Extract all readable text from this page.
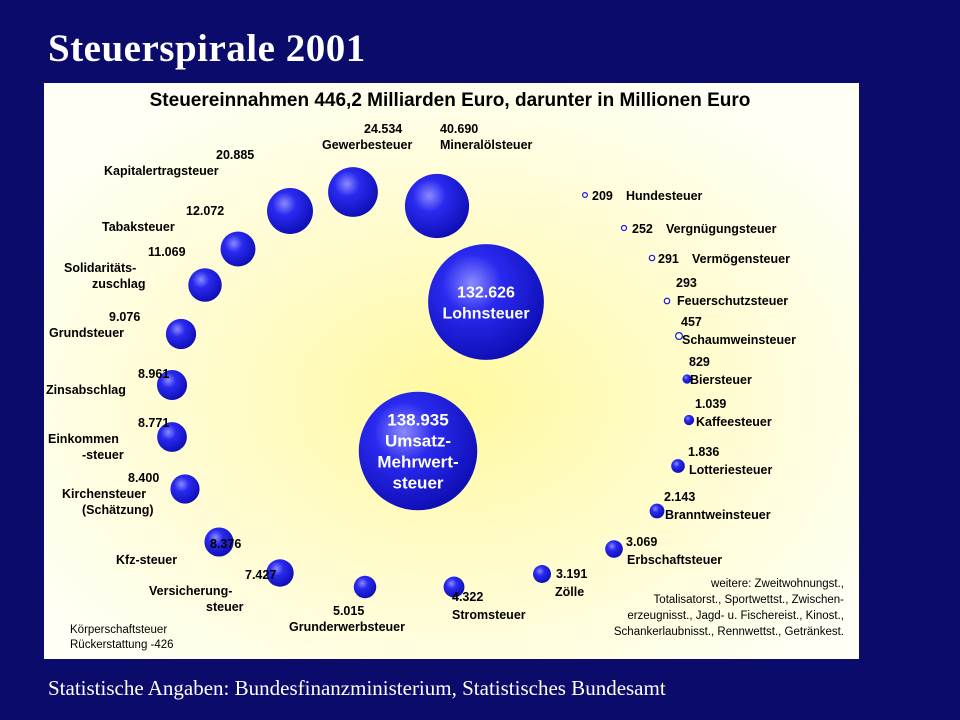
Steuerspirale 2001
Steuereinnahmen 446,2 Milliarden Euro, darunter in Millionen Euro
138.935
Umsatz-
Mehrwert-
steuer
132.626
Lohnsteuer
40.690
Mineralölsteuer
24.534
Gewerbesteuer
20.885
Kapitalertragsteuer
12.072
Tabaksteuer
11.069
Solidaritäts-
zuschlag
9.076
Grundsteuer
8.961
Zinsabschlag
8.771
Einkommen
-steuer
8.400
Kirchensteuer
(Schätzung)
8.376
Kfz-steuer
7.427
Versicherung-
steuer	5.015
Grunderwerbsteuer
4.322
Stromsteuer
3.191
Zölle
3.069
Erbschaftsteuer
2.143
Branntweinsteuer
1.836
Lotteriesteuer
1.039
Kaffeesteuer
829
Biersteuer
457
Schaumweinsteuer
293
Feuerschutzsteuer
291 Vermögensteuer
252 Vergnügungsteuer
209 Hundesteuer
weitere: Zweitwohnungst.,
Totalisatorst., Sportwettst., Zwischen-
erzeugnisst., Jagd- u. Fischereist., Kinost.,
Schankerlaubnisst., Rennwettst., Getränkest.
Körperschaftsteuer
Rückerstattung -426
Statistische Angaben: Bundesfinanzministerium, Statistisches Bundesamt
